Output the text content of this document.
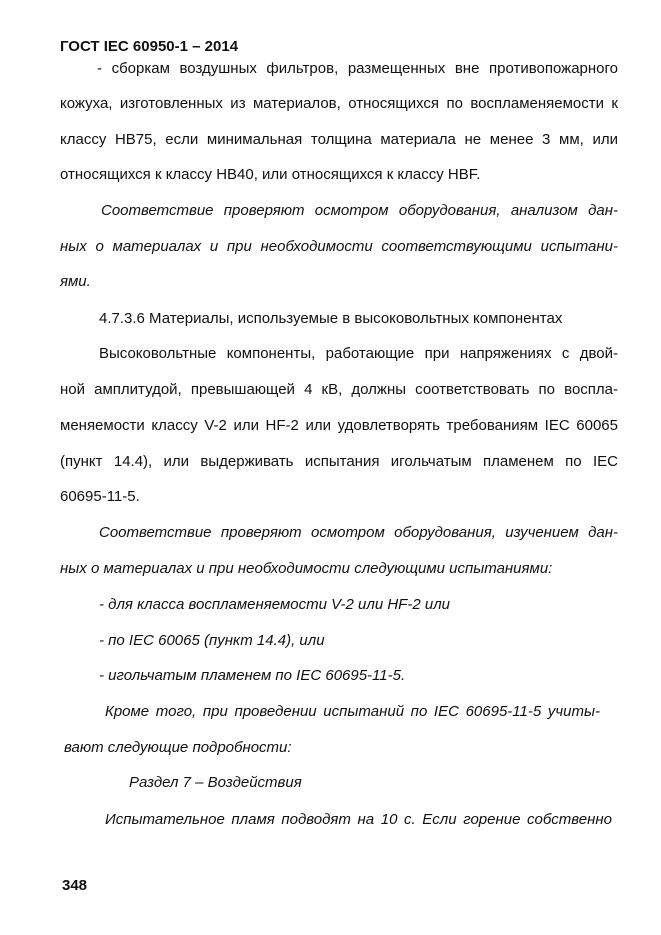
ГОСТ IEC 60950-1 – 2014
- сборкам воздушных фильтров, размещенных вне противопожарного
кожуха, изготовленных из материалов, относящихся по воспламеняемости к
классу НВ75, если минимальная толщина материала не менее 3 мм, или
относящихся к классу НВ40, или относящихся к классу НВF.
Соответствие проверяют осмотром оборудования, анализом дан-
ных о материалах и при необходимости соответствующими испытани-
ями.
4.7.3.6 Материалы, используемые в высоковольтных компонентах
Высоковольтные компоненты, работающие при напряжениях с двой-
ной амплитудой, превышающей 4 кВ, должны соответствовать по воспла-
меняемости классу V-2 или HF-2 или удовлетворять требованиям IEC 60065
(пункт 14.4), или выдерживать испытания игольчатым пламенем по IEC
60695-11-5.
Соответствие проверяют осмотром оборудования, изучением дан-
ных о материалах и при необходимости следующими испытаниями:
- для класса воспламеняемости V-2 или HF-2 или
- по IEC 60065 (пункт 14.4), или
- игольчатым пламенем по IEC 60695-11-5.
Кроме того, при проведении испытаний по IEC 60695-11-5 учиты-
вают следующие подробности:
Раздел 7 – Воздействия
Испытательное пламя подводят на 10 с. Если горение собственно
348
